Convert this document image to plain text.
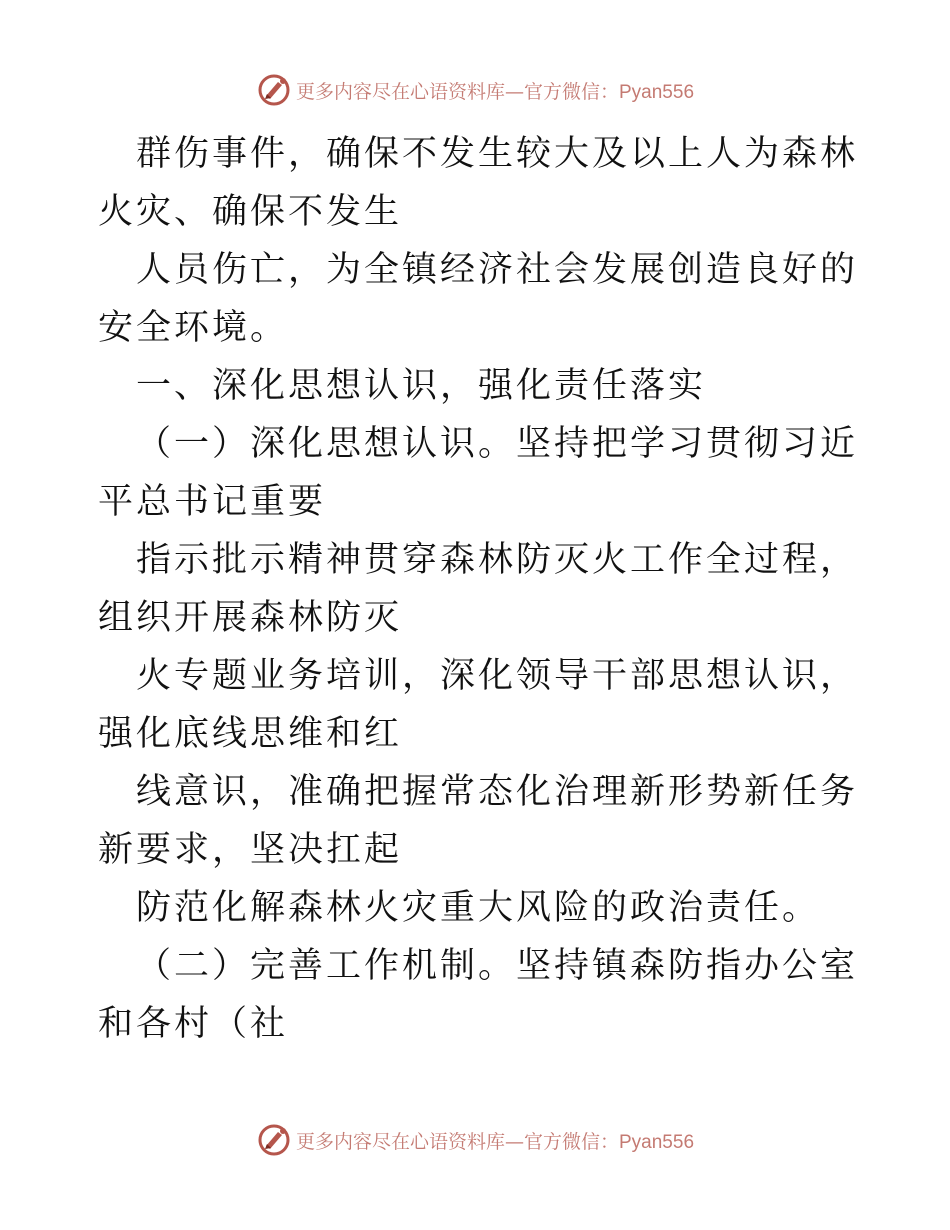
更多内容尽在心语资料库—官方微信：Pyan556

群伤事件，确保不发生较大及以上人为森林火灾、确保不发生

人员伤亡，为全镇经济社会发展创造良好的安全环境。

一、深化思想认识，强化责任落实

（一）深化思想认识。坚持把学习贯彻习近平总书记重要

指示批示精神贯穿森林防灭火工作全过程，组织开展森林防灭

火专题业务培训，深化领导干部思想认识，强化底线思维和红

线意识，准确把握常态化治理新形势新任务新要求，坚决扛起

防范化解森林火灾重大风险的政治责任。

（二）完善工作机制。坚持镇森防指办公室和各村（社

更多内容尽在心语资料库—官方微信：Pyan556
